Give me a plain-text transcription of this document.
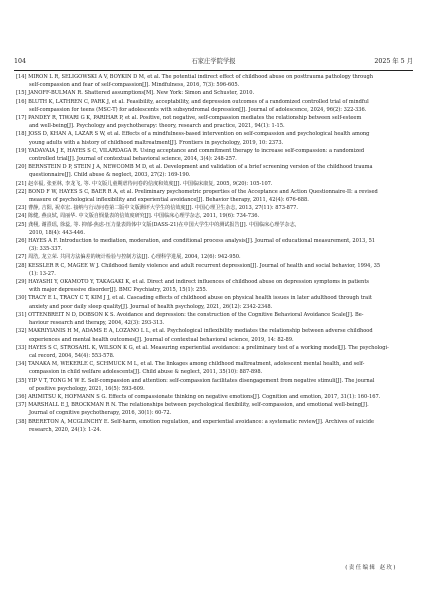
104	石家庄学院学报	2025 年 5 月

[14] MIRON L R, SELIGOWSKI A V, BOYKIN D M, et al. The potential indirect effect of childhood abuse on posttrauma pathology through

self-compassion and fear of self-compassion[J]. Mindfulness, 2016, 7(3): 596-605.

[15] JANOFF-BULMAN R. Shattered assumptions[M]. New York: Simon and Schuster, 2010.

[16] BLUTH K, LATHREN C, PARK J, et al. Feasibility, acceptability, and depression outcomes of a randomized controlled trial of mindful

self-compassion for teens (MSC-T) for adolescents with subsyndromal depression[J]. Journal of adolescence, 2024, 96(2): 322-336.

[17] PANDEY R, TIWARI G K, PARIHAR P, et al. Positive, not negative, self-compassion mediates the relationship between self-esteem

and well-being[J]. Psychology and psychotherapy: theory, research and practice, 2021, 94(1): 1-15.

[18] JOSS D, KHAN A, LAZAR S W, et al. Effects of a mindfulness-based intervention on self-compassion and psychological health among

young adults with a history of childhood maltreatment[J]. Frontiers in psychology, 2019, 10: 2373.

[19] YADAVAIA J E, HAYES S C, VILARDAGA R. Using acceptance and commitment therapy to increase self-compassion: a randomized

controlled trial[J]. Journal of contextual behavioral science, 2014, 3(4): 248-257.

[20] BERNSTEIN D P, STEIN J A, NEWCOMB M D, et al. Development and validation of a brief screening version of the childhood trauma

questionnaire[J]. Child abuse & neglect, 2003, 27(2): 169-190.

[21] 赵幸福, 张亚林, 李龙飞, 等. 中文版儿童期虐待问卷的信度和效度[J]. 中国临床康复, 2005, 9(20): 105-107.

[22] BOND F W, HAYES S C, BAER R A, et al. Preliminary psychometric properties of the Acceptance and Action Questionnaire-II: a revised

measure of psychological inflexibility and experiential avoidance[J]. Behavior therapy, 2011, 42(4): 676-688.

[23] 曹静, 吉阳, 祝卓宏. 接纳与行动问卷第二版中文版测评大学生的信效度[J]. 中国心理卫生杂志, 2013, 27(11): 873-877.

[24] 陈健, 燕良轼, 周丽华. 中文版自悯量表的信效度研究[J]. 中国临床心理学杂志, 2011, 19(6): 734-736.

[25] 龚栩, 谢熹瑶, 徐蕊, 等. 抑郁-焦虑-压力量表简体中文版(DASS-21)在中国大学生中的测试报告[J]. 中国临床心理学杂志,

2010, 18(4): 443-446.

[26] HAYES A F. Introduction to mediation, moderation, and conditional process analysis[J]. Journal of educational measurement, 2013, 51

(3): 335-337.

[27] 周浩, 龙立荣. 共同方法偏差的统计检验与控制方法[J]. 心理科学进展, 2004, 12(6): 942-950.

[28] KESSLER R C, MAGEE W J. Childhood family violence and adult recurrent depression[J]. Journal of health and social behavior, 1994, 35

(1): 13-27.

[29] HAYASHI Y, OKAMOTO Y, TAKAGAKI K, et al. Direct and indirect influences of childhood abuse on depression symptoms in patients

with major depressive disorder[J]. BMC Psychiatry, 2015, 15(1): 255.

[30] TRACY E L, TRACY C T, KIM J J, et al. Cascading effects of childhood abuse on physical health issues in later adulthood through trait

anxiety and poor daily sleep quality[J]. Journal of health psychology, 2021, 26(12): 2342-2348.

[31] OTTENBREIT N D, DOBSON K S. Avoidance and depression: the construction of the Cognitive Behavioral Avoidance Scale[J]. Be-

haviour research and therapy, 2004, 42(3): 293-313.

[32] MAKRIYIANIS H M, ADAMS E A, LOZANO L L, et al. Psychological inflexibility mediates the relationship between adverse childhood

experiences and mental health outcomes[J]. Journal of contextual behavioral science, 2019, 14: 82-89.

[33] HAYES S C, STROSAHL K, WILSON K G, et al. Measuring experiential avoidance: a preliminary test of a working model[J]. The psychologi-

cal record, 2004, 54(4): 553-578.

[34] TANAKA M, WEKERLE C, SCHMUCK M L, et al. The linkages among childhood maltreatment, adolescent mental health, and self-

compassion in child welfare adolescents[J]. Child abuse & neglect, 2011, 35(10): 887-898.

[35] YIP V T, TONG M W E. Self-compassion and attention: self-compassion facilitates disengagement from negative stimuli[J]. The journal

of positive psychology, 2021, 16(5): 593-609.

[36] ARIMITSU K, HOFMANN S G. Effects of compassionate thinking on negative emotions[J]. Cognition and emotion, 2017, 31(1): 160-167.

[37] MARSHALL E J, BROCKMAN R N. The relationships between psychological flexibility, self-compassion, and emotional well-being[J].

Journal of cognitive psychotherapy, 2016, 30(1): 60-72.

[38] BRERETON A, MCGLINCHY E. Self-harm, emotion regulation, and experiential avoidance: a systematic review[J]. Archives of suicide

research, 2020, 24(1): 1-24.

(责任编辑 赵玫)
